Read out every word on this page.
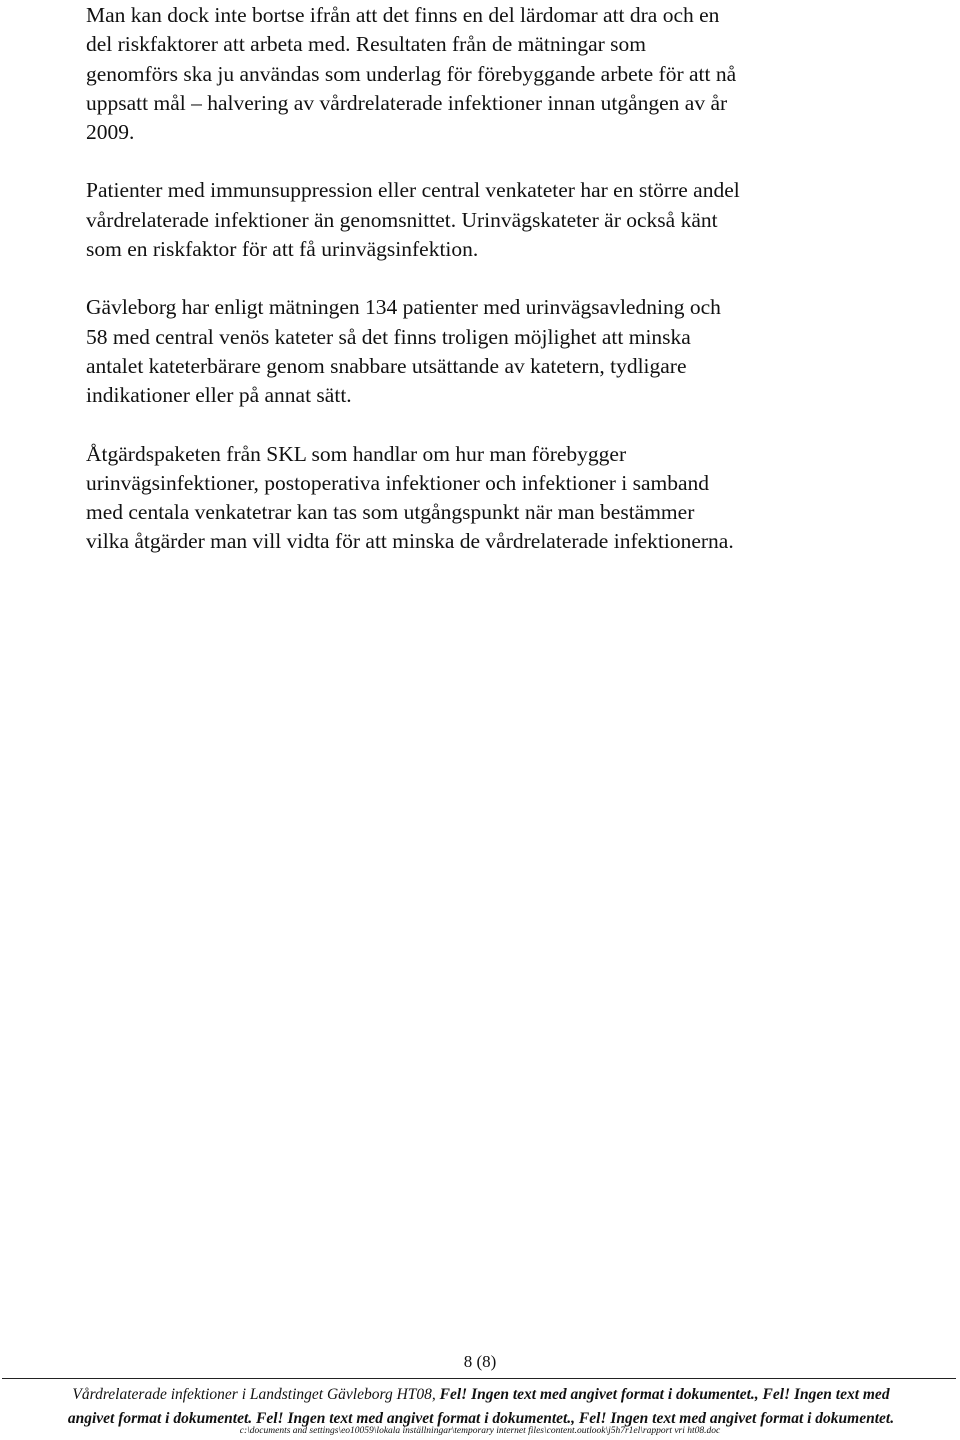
Man kan dock inte bortse ifrån att det finns en del lärdomar att dra och en
del riskfaktorer att arbeta med. Resultaten från de mätningar som
genomförs ska ju användas som underlag för förebyggande arbete för att nå
uppsatt mål – halvering av vårdrelaterade infektioner innan utgången av år
2009.

Patienter med immunsuppression eller central venkateter har en större andel
vårdrelaterade infektioner än genomsnittet. Urinvägskateter är också känt
som en riskfaktor för att få urinvägsinfektion.

Gävleborg har enligt mätningen 134 patienter med urinvägsavledning och
58 med central venös kateter så det finns troligen möjlighet att minska
antalet kateterbärare genom snabbare utsättande av katetern, tydligare
indikationer eller på annat sätt.

Åtgärdspaketen från SKL som handlar om hur man förebygger
urinvägsinfektioner, postoperativa infektioner och infektioner i samband
med centala venkatetrar kan tas som utgångspunkt när man bestämmer
vilka åtgärder man vill vidta för att minska de vårdrelaterade infektionerna.

8 (8)
Vårdrelaterade infektioner i Landstinget Gävleborg HT08, Fel! Ingen text med angivet format i dokumentet., Fel! Ingen text med
angivet format i dokumentet. Fel! Ingen text med angivet format i dokumentet., Fel! Ingen text med angivet format i dokumentet.
c:\documents and settings\eo10059\lokala inställningar\temporary internet files\content.outlook\j5h7r1el\rapport vri ht08.doc
